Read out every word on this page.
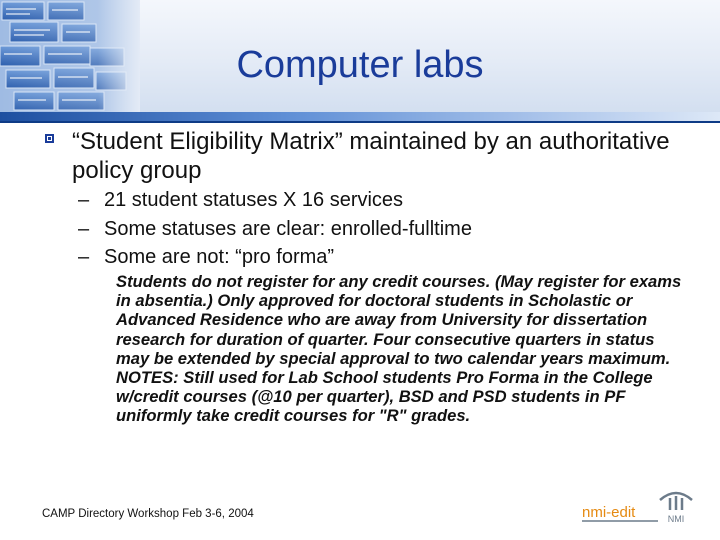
Computer labs
“Student Eligibility Matrix” maintained by an authoritative policy group
– 21 student statuses X 16 services
– Some statuses are clear: enrolled-fulltime
– Some are not: “pro forma”
Students do not register for any credit courses. (May register for exams in absentia.) Only approved for doctoral students in Scholastic or Advanced Residence who are away from University for dissertation research for duration of quarter. Four consecutive quarters in status may be extended by special approval to two calendar years maximum. NOTES: Still used for Lab School students Pro Forma in the College w/credit courses (@10 per quarter), BSD and PSD students in PF uniformly take credit courses for "R" grades.
CAMP Directory Workshop Feb 3-6, 2004	nmi-edit	NMI
